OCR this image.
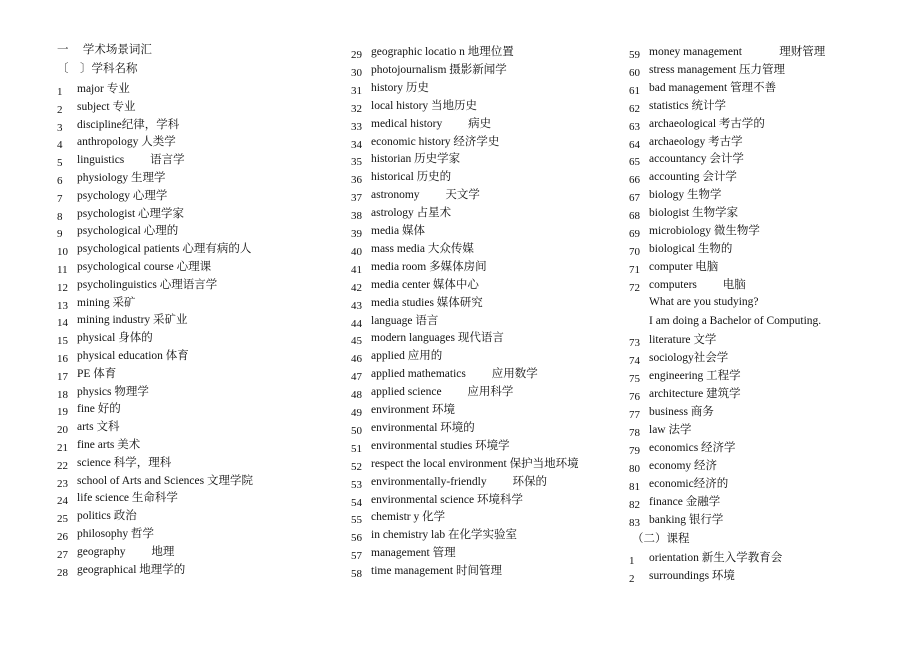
一　 学术场景词汇
〔　〕学科名称
1 major 专业
2 subject 专业
3 discipline纪律，学科
4 anthropology 人类学
5 linguistics　　 语言学
6 physiology 生理学
7 psychology 心理学
8 psychologist 心理学家
9 psychological 心理的
10 psychological patients 心理有病的人
11 psychological course 心理课
12 psycholinguistics 心理语言学
13 mining 采矿
14 mining industry 采矿业
15 physical 身体的
16 physical education 体育
17 PE 体育
18 physics 物理学
19 fine 好的
20 arts 文科
21 fine arts 美术
22 science 科学，理科
23 school of Arts and Sciences 文理学院
24 life science 生命科学
25 politics 政治
26 philosophy 哲学
27 geography　　 地理
28 geographical 地理学的
29 geographic locatio n 地理位置
30 photojournalism 摄影新闻学
31 history 历史
32 local history 当地历史
33 medical history　　 病史
34 economic history 经济学史
35 historian 历史学家
36 historical 历史的
37 astronomy　　 天文学
38 astrology 占星术
39 media 媒体
40 mass media 大众传媒
41 media room 多媒体房间
42 media center 媒体中心
43 media studies 媒体研究
44 language 语言
45 modern languages 现代语言
46 applied 应用的
47 applied mathematics　　 应用数学
48 applied science　　 应用科学
49 environment 环境
50 environmental 环境的
51 environmental studies 环境学
52 respect the local environment 保护当地环境
53 environmentally-friendly　　 环保的
54 environmental science 环境科学
55 chemistr y 化学
56 in chemistry lab 在化学实验室
57 management 管理
58 time management 时间管理
59 money management　　　 理财管理
60 stress management 压力管理
61 bad management 管理不善
62 statistics 统计学
63 archaeological 考古学的
64 archaeology 考古学
65 accountancy 会计学
66 accounting 会计学
67 biology 生物学
68 biologist 生物学家
69 microbiology 微生物学
70 biological 生物的
71 computer 电脑
72 computers　　 电脑
73 literature 文学
74 sociology社会学
75 engineering 工程学
76 architecture 建筑学
77 business 商务
78 law 法学
79 economics 经济学
80 economy 经济
81 economic经济的
82 finance 金融学
83 banking 银行学
1 orientation 新生入学教育会
2 surroundings 环境
What are you studying?
I am doing a Bachelor of Computing.
（二）课程
